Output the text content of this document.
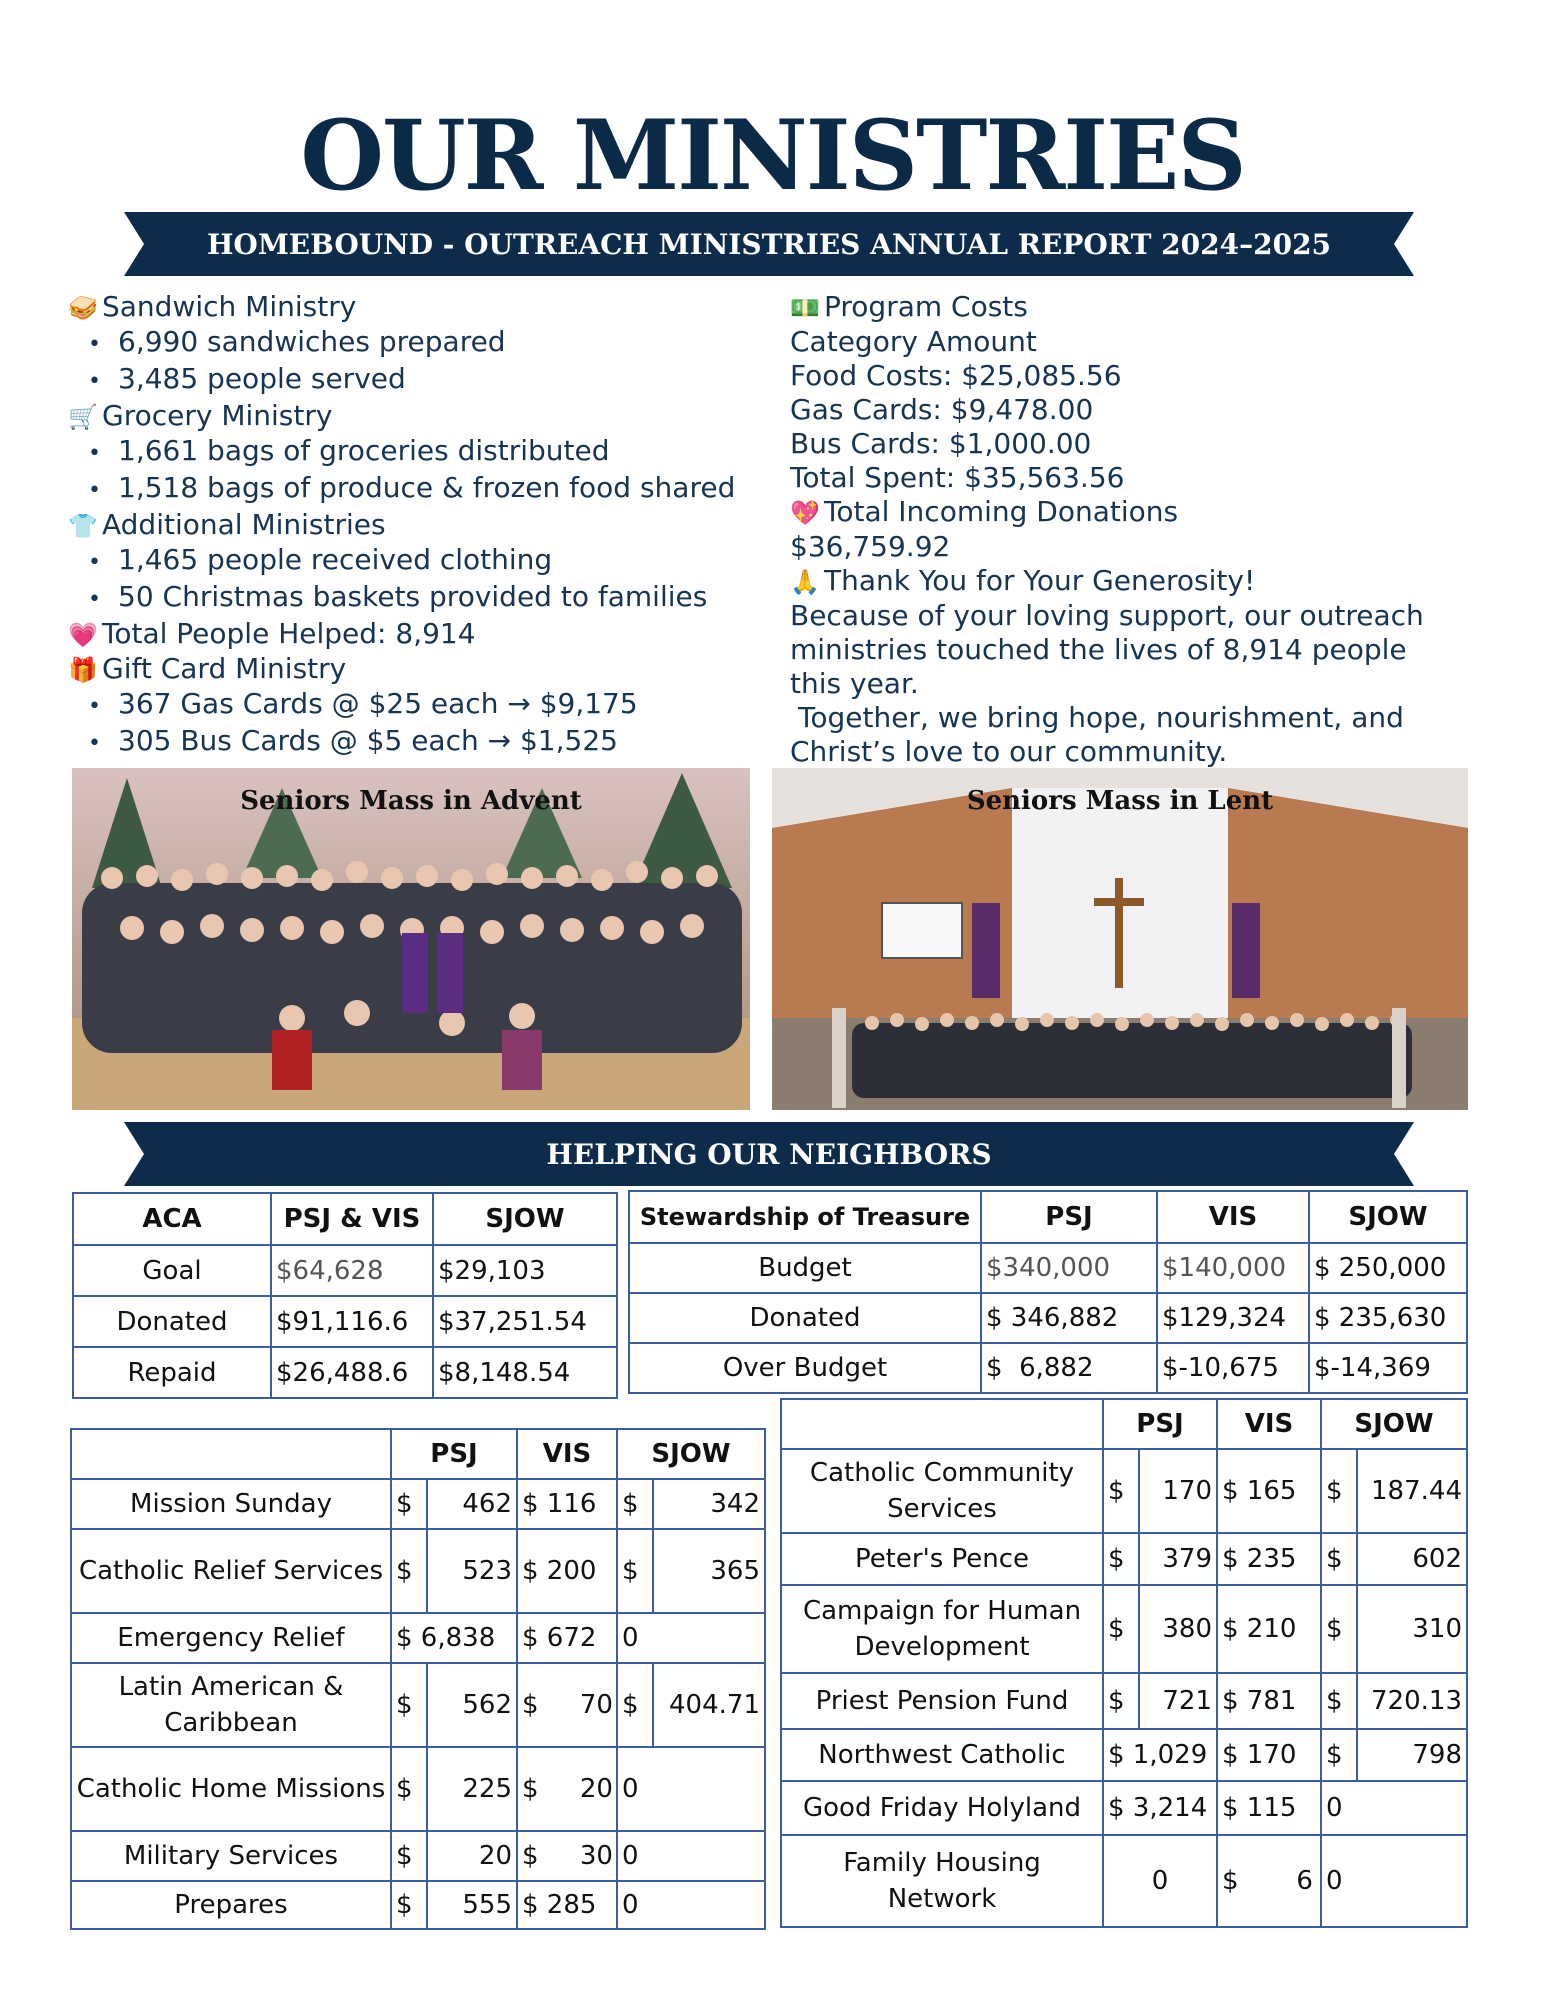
OUR MINISTRIES
HOMEBOUND - OUTREACH MINISTRIES ANNUAL REPORT 2024–2025
🥪 Sandwich Ministry
• 6,990 sandwiches prepared
• 3,485 people served
🛒 Grocery Ministry
• 1,661 bags of groceries distributed
• 1,518 bags of produce & frozen food shared
👕 Additional Ministries
• 1,465 people received clothing
• 50 Christmas baskets provided to families
💗 Total People Helped: 8,914
🎁 Gift Card Ministry
• 367 Gas Cards @ $25 each → $9,175
• 305 Bus Cards @ $5 each → $1,525
💵 Program Costs
Category Amount
Food Costs: $25,085.56
Gas Cards: $9,478.00
Bus Cards: $1,000.00
Total Spent: $35,563.56
💖 Total Incoming Donations
$36,759.92
🙏 Thank You for Your Generosity!
Because of your loving support, our outreach
ministries touched the lives of 8,914 people
this year.
Together, we bring hope, nourishment, and
Christ’s love to our community.
Seniors Mass in Advent	Seniors Mass in Lent
HELPING OUR NEIGHBORS
ACA	PSJ & VIS	SJOW
Goal	$64,628	$29,103
Donated	$91,116.6	$37,251.54
Repaid	$26,488.6	$8,148.54
Stewardship of Treasure	PSJ	VIS	SJOW
Budget	$340,000	$140,000	$ 250,000
Donated	$ 346,882	$129,324	$ 235,630
Over Budget	$  6,882	$-10,675	$-14,369
	PSJ		VIS	SJOW	
Mission Sunday	$	462	$ 116	$	342
Catholic Relief Services	$	523	$ 200	$	365
Emergency Relief	$ 6,838		$ 672	0	
Latin American & Caribbean	$	562	$     70	$	404.71
Catholic Home Missions	$	225	$     20	0	
Military Services	$	20	$     30	0	
Prepares	$	555	$ 285	0	
	PSJ		VIS	SJOW	
Catholic Community Services	$	170	$ 165	$	187.44
Peter's Pence	$	379	$ 235	$	602
Campaign for Human Development	$	380	$ 210	$	310
Priest Pension Fund	$	721	$ 781	$	720.13
Northwest Catholic	$ 1,029		$ 170	$	798
Good Friday Holyland	$ 3,214		$ 115	0	
Family Housing Network	0		$       6	0	
